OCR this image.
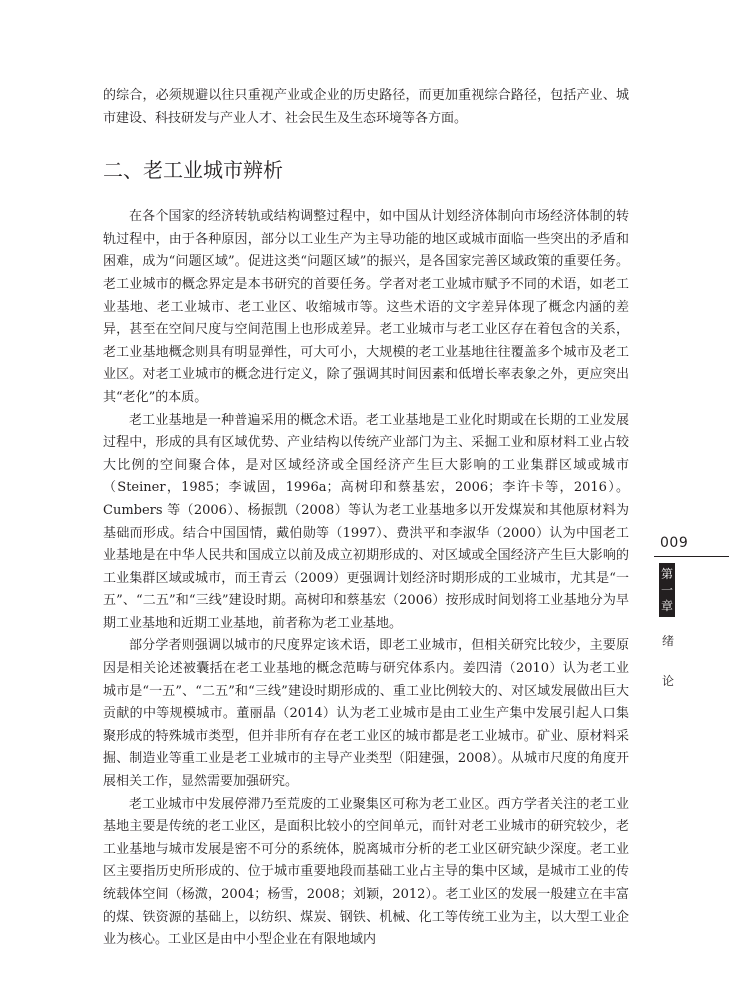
的综合，必须规避以往只重视产业或企业的历史路径，而更加重视综合路径，包括产业、城市建设、科技研发与产业人才、社会民生及生态环境等各方面。

二、老工业城市辨析

在各个国家的经济转轨或结构调整过程中，如中国从计划经济体制向市场经济体制的转轨过程中，由于各种原因，部分以工业生产为主导功能的地区或城市面临一些突出的矛盾和困难，成为“问题区域”。促进这类“问题区域”的振兴，是各国家完善区域政策的重要任务。老工业城市的概念界定是本书研究的首要任务。学者对老工业城市赋予不同的术语，如老工业基地、老工业城市、老工业区、收缩城市等。这些术语的文字差异体现了概念内涵的差异，甚至在空间尺度与空间范围上也形成差异。老工业城市与老工业区存在着包含的关系，老工业基地概念则具有明显弹性，可大可小，大规模的老工业基地往往覆盖多个城市及老工业区。对老工业城市的概念进行定义，除了强调其时间因素和低增长率表象之外，更应突出其“老化”的本质。

老工业基地是一种普遍采用的概念术语。老工业基地是工业化时期或在长期的工业发展过程中，形成的具有区域优势、产业结构以传统产业部门为主、采掘工业和原材料工业占较大比例的空间聚合体，是对区域经济或全国经济产生巨大影响的工业集群区域或城市（Steiner，1985；李诚固，1996a；高树印和蔡基宏，2006；李许卡等，2016）。Cumbers 等（2006）、杨振凯（2008）等认为老工业基地多以开发煤炭和其他原材料为基础而形成。结合中国国情，戴伯勋等（1997）、费洪平和李淑华（2000）认为中国老工业基地是在中华人民共和国成立以前及成立初期形成的、对区域或全国经济产生巨大影响的工业集群区域或城市，而王青云（2009）更强调计划经济时期形成的工业城市，尤其是“一五”、“二五”和“三线”建设时期。高树印和蔡基宏（2006）按形成时间划将工业基地分为早期工业基地和近期工业基地，前者称为老工业基地。

部分学者则强调以城市的尺度界定该术语，即老工业城市，但相关研究比较少，主要原因是相关论述被囊括在老工业基地的概念范畴与研究体系内。姜四清（2010）认为老工业城市是“一五”、“二五”和“三线”建设时期形成的、重工业比例较大的、对区域发展做出巨大贡献的中等规模城市。董丽晶（2014）认为老工业城市是由工业生产集中发展引起人口集聚形成的特殊城市类型，但并非所有存在老工业区的城市都是老工业城市。矿业、原材料采掘、制造业等重工业是老工业城市的主导产业类型（阳建强，2008）。从城市尺度的角度开展相关工作，显然需要加强研究。

老工业城市中发展停滞乃至荒废的工业聚集区可称为老工业区。西方学者关注的老工业基地主要是传统的老工业区，是面积比较小的空间单元，而针对老工业城市的研究较少，老工业基地与城市发展是密不可分的系统体，脱离城市分析的老工业区研究缺少深度。老工业区主要指历史所形成的、位于城市重要地段而基础工业占主导的集中区域，是城市工业的传统载体空间（杨溦，2004；杨雪，2008；刘颖，2012）。老工业区的发展一般建立在丰富的煤、铁资源的基础上，以纺织、煤炭、钢铁、机械、化工等传统工业为主，以大型工业企业为核心。工业区是由中小型企业在有限地域内

009
第
一
章
绪
论
